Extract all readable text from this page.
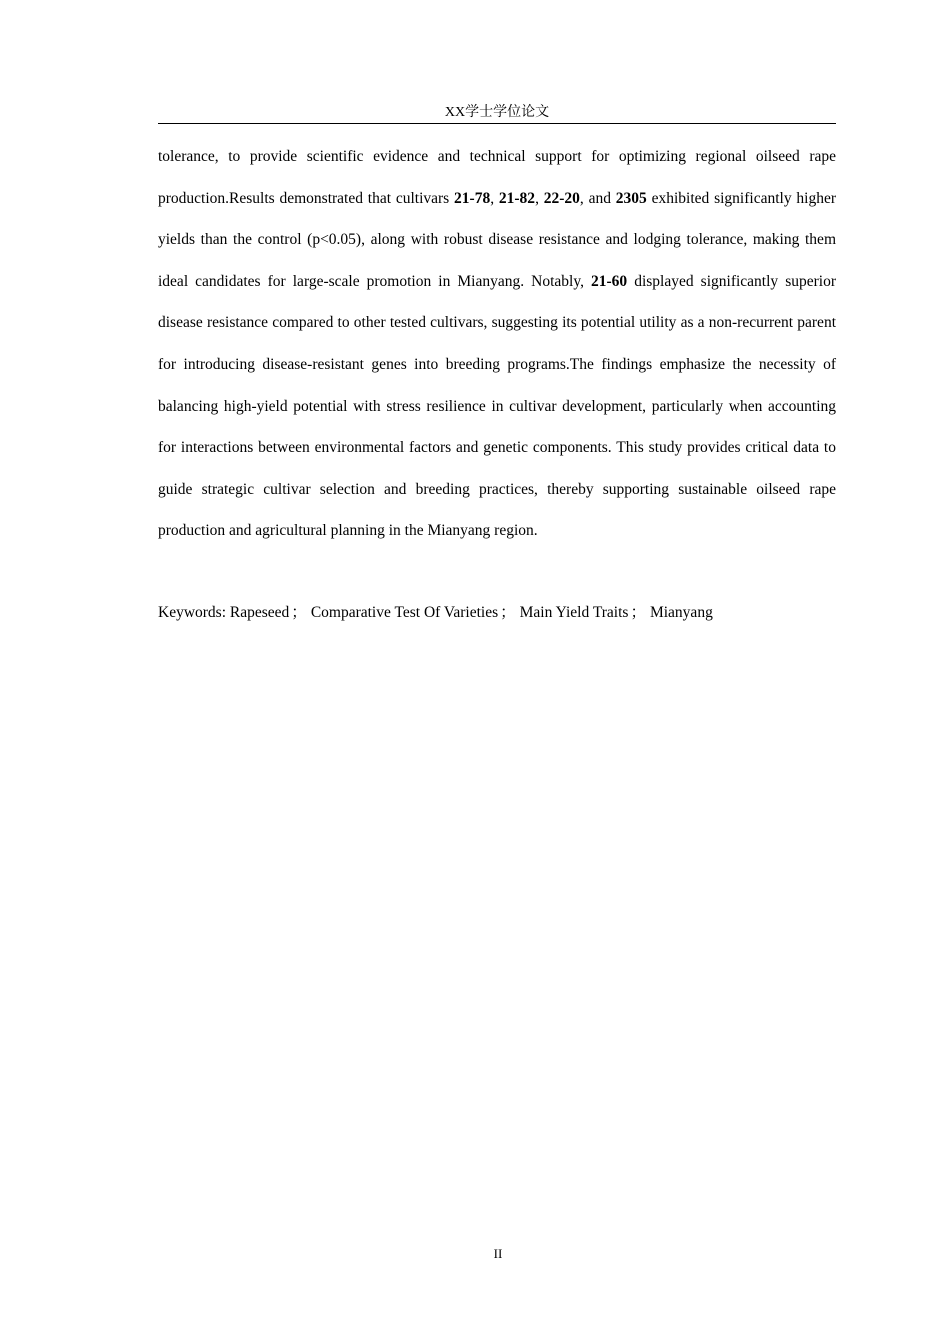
XX学士学位论文

tolerance, to provide scientific evidence and technical support for optimizing regional oilseed rape production.Results demonstrated that cultivars 21-78, 21-82, 22-20, and 2305 exhibited significantly higher yields than the control (p<0.05), along with robust disease resistance and lodging tolerance, making them ideal candidates for large-scale promotion in Mianyang. Notably, 21-60 displayed significantly superior disease resistance compared to other tested cultivars, suggesting its potential utility as a non-recurrent parent for introducing disease-resistant genes into breeding programs.The findings emphasize the necessity of balancing high-yield potential with stress resilience in cultivar development, particularly when accounting for interactions between environmental factors and genetic components. This study provides critical data to guide strategic cultivar selection and breeding practices, thereby supporting sustainable oilseed rape production and agricultural planning in the Mianyang region.

Keywords: Rapeseed ； Comparative Test Of Varieties ； Main Yield Traits ； Mianyang
II
